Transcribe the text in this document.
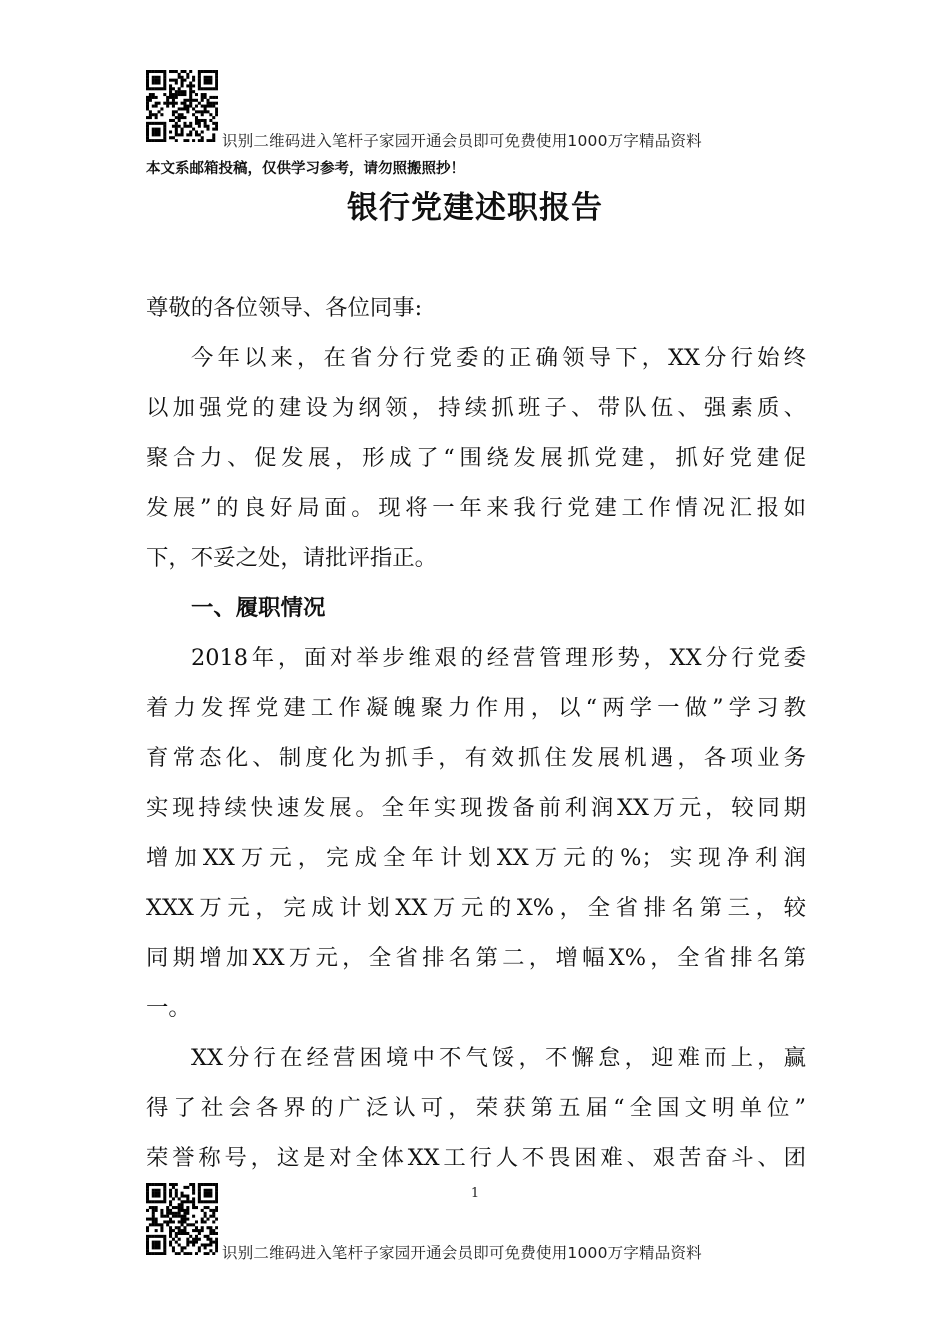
识别二维码进入笔杆子家园开通会员即可免费使用1000万字精品资料
本文系邮箱投稿，仅供学习参考，请勿照搬照抄！
银行党建述职报告
尊敬的各位领导、各位同事:
今年以来，在省分行党委的正确领导下，XX分行始终
以加强党的建设为纲领，持续抓班子、带队伍、强素质、
聚合力、促发展，形成了“围绕发展抓党建，抓好党建促
发展”的良好局面。现将一年来我行党建工作情况汇报如
下，不妥之处，请批评指正。
一、履职情况
2018年，面对举步维艰的经营管理形势，XX分行党委
着力发挥党建工作凝魄聚力作用，以“两学一做”学习教
育常态化、制度化为抓手，有效抓住发展机遇，各项业务
实现持续快速发展。全年实现拨备前利润XX万元，较同期
增加XX万元，完成全年计划XX万元的%；实现净利润
XXX万元，完成计划XX万元的X%，全省排名第三，较
同期增加XX万元，全省排名第二，增幅X%，全省排名第
一。
XX分行在经营困境中不气馁，不懈怠，迎难而上，赢
得了社会各界的广泛认可，荣获第五届“全国文明单位”
荣誉称号，这是对全体XX工行人不畏困难、艰苦奋斗、团
1
识别二维码进入笔杆子家园开通会员即可免费使用1000万字精品资料
